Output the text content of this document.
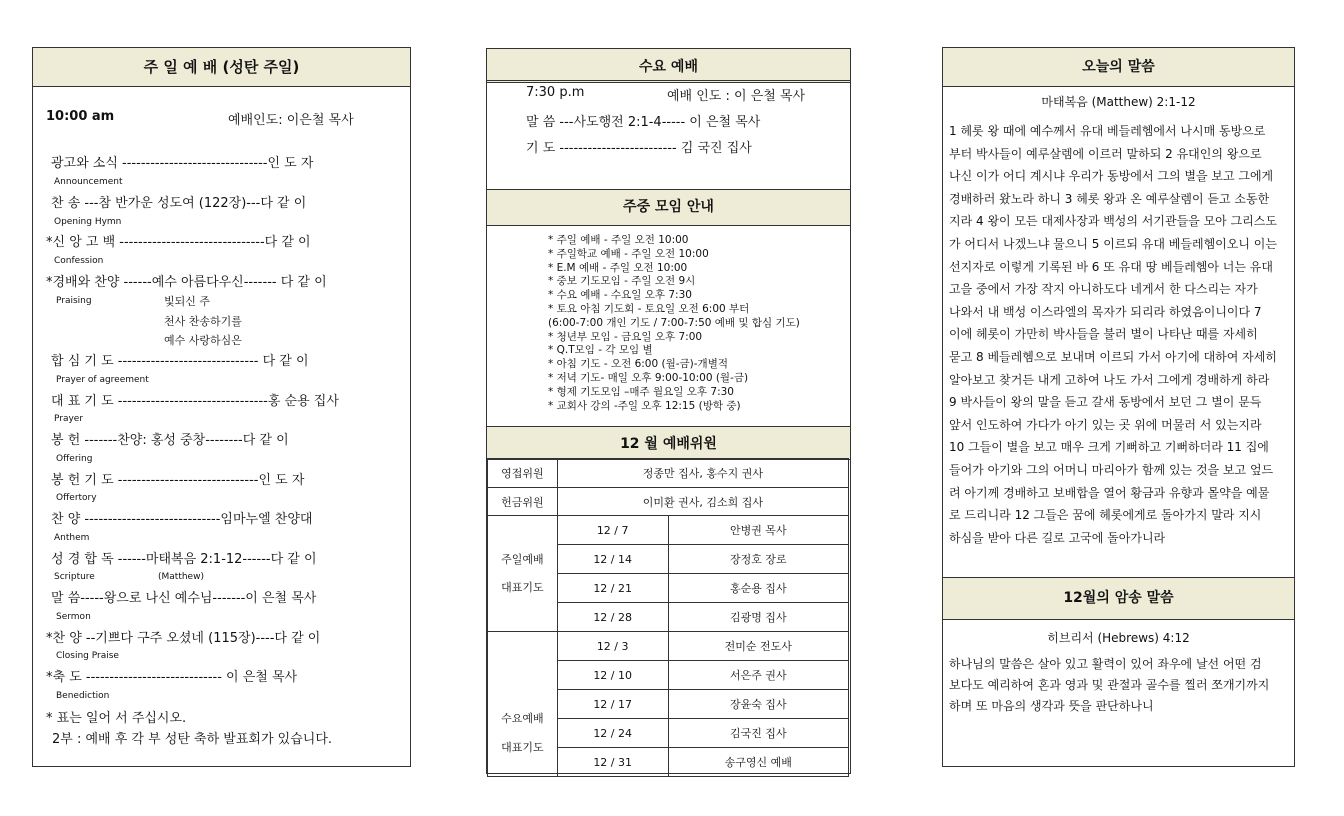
주 일 예 배 (성탄 주일)
10:00 am	예배인도: 이은철 목사
광고와 소식 -------------------------------인 도 자
Announcement
찬 송 ---참 반가운 성도여 (122장)---다 같 이
Opening Hymn
*신 앙 고 백 -------------------------------다 같 이
Confession
*경배와 찬양 ------예수 아름다우신------- 다 같 이
Praising	빛되신 주
천사 찬송하기를
예수 사랑하심은
합 심 기 도 ------------------------------ 다 같 이
Prayer of agreement
대 표 기 도 --------------------------------홍 순용 집사
Prayer
봉 헌 -------찬양: 홍성 중창--------다 같 이
Offering
봉 헌 기 도 ------------------------------인 도 자
Offertory
찬 양 -----------------------------임마누엘 찬양대
Anthem
성 경 합 독 ------마태복음 2:1-12------다 같 이
Scripture	(Matthew)
말 씀-----왕으로 나신 예수님-------이 은철 목사
Sermon
*찬 양 --기쁘다 구주 오셨네 (115장)----다 같 이
Closing Praise
*축 도 ----------------------------- 이 은철 목사
Benediction
* 표는 일어 서 주십시오.
2부 : 예배 후 각 부 성탄 축하 발표회가 있습니다.
수요 예배
7:30 p.m	예배 인도 : 이 은철 목사
말 씀 ---사도행전 2:1-4----- 이 은철 목사
기 도 ------------------------- 김 국진 집사
주중 모임 안내
* 주일 예배 - 주일 오전 10:00
* 주일학교 예배 - 주일 오전 10:00
* E.M 예배 - 주일 오전 10:00
* 중보 기도모임 - 주일 오전 9시
* 수요 예배 - 수요일 오후 7:30
* 토요 아침 기도회 - 토요일 오전 6:00 부터
(6:00-7:00 개인 기도 / 7:00-7:50 예배 및 합심 기도)
* 청년부 모임 - 금요일 오후 7:00
* Q.T모임 - 각 모임 별
* 아침 기도 - 오전 6:00 (월-금)-개별적
* 저녁 기도- 매일 오후 9:00-10:00 (월-금)
* 형제 기도모임 –매주 월요일 오후 7:30
* 교회사 강의 -주일 오후 12:15 (방학 중)
12 월 예배위원
영접위원	정종만 집사, 홍수지 권사	
헌금위원	이미환 권사, 김소희 집사	

주일예배
대표기도	12 / 7	안병권 목사
	12 / 14	장정호 장로
	12 / 21	홍순용 집사
	12 / 28	김광명 집사

수요예배
대표기도	12 / 3	전미순 전도사
	12 / 10	서은주 권사
	12 / 17	장윤숙 집사
	12 / 24	김국진 집사
	12 / 31	송구영신 예배
오늘의 말씀
마태복음 (Matthew) 2:1-12
1 헤롯 왕 때에 예수께서 유대 베들레헴에서 나시매 동방으로
부터 박사들이 예루살렘에 이르러 말하되 2 유대인의 왕으로
나신 이가 어디 계시냐 우리가 동방에서 그의 별을 보고 그에게
경배하러 왔노라 하니 3 헤롯 왕과 온 예루살렘이 듣고 소동한
지라 4 왕이 모든 대제사장과 백성의 서기관들을 모아 그리스도
가 어디서 나겠느냐 물으니 5 이르되 유대 베들레헴이오니 이는
선지자로 이렇게 기록된 바 6 또 유대 땅 베들레헴아 너는 유대
고을 중에서 가장 작지 아니하도다 네게서 한 다스리는 자가
나와서 내 백성 이스라엘의 목자가 되리라 하였음이니이다 7
이에 헤롯이 가만히 박사들을 불러 별이 나타난 때를 자세히
묻고 8 베들레헴으로 보내며 이르되 가서 아기에 대하여 자세히
알아보고 찾거든 내게 고하여 나도 가서 그에게 경배하게 하라
9 박사들이 왕의 말을 듣고 갈새 동방에서 보던 그 별이 문득
앞서 인도하여 가다가 아기 있는 곳 위에 머물러 서 있는지라
10 그들이 별을 보고 매우 크게 기뻐하고 기뻐하더라 11 집에
들어가 아기와 그의 어머니 마리아가 함께 있는 것을 보고 엎드
려 아기께 경배하고 보배합을 열어 황금과 유향과 몰약을 예물
로 드리니라 12 그들은 꿈에 헤롯에게로 돌아가지 말라 지시
하심을 받아 다른 길로 고국에 돌아가니라
12월의 암송 말씀
히브리서 (Hebrews) 4:12
하나님의 말씀은 살아 있고 활력이 있어 좌우에 날선 어떤 검
보다도 예리하여 혼과 영과 및 관절과 골수를 찔러 쪼개기까지
하며 또 마음의 생각과 뜻을 판단하나니
